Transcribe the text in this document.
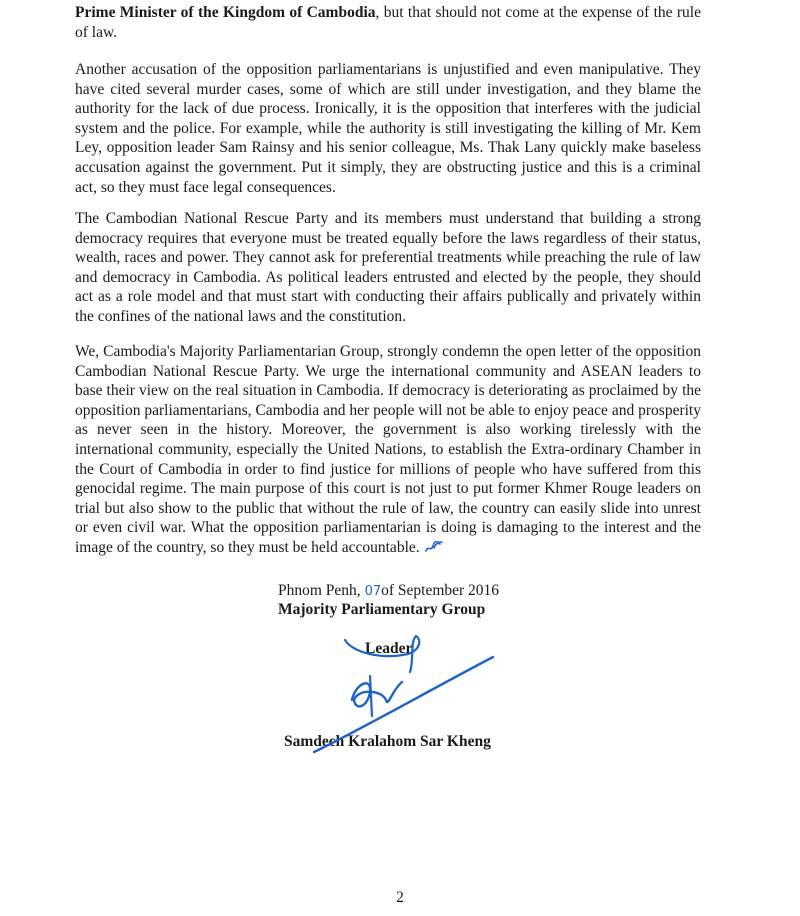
Prime Minister of the Kingdom of Cambodia, but that should not come at the expense of the rule of law.

Another accusation of the opposition parliamentarians is unjustified and even manipulative. They have cited several murder cases, some of which are still under investigation, and they blame the authority for the lack of due process. Ironically, it is the opposition that interferes with the judicial system and the police. For example, while the authority is still investigating the killing of Mr. Kem Ley, opposition leader Sam Rainsy and his senior colleague, Ms. Thak Lany quickly make baseless accusation against the government. Put it simply, they are obstructing justice and this is a criminal act, so they must face legal consequences.

The Cambodian National Rescue Party and its members must understand that building a strong democracy requires that everyone must be treated equally before the laws regardless of their status, wealth, races and power. They cannot ask for preferential treatments while preaching the rule of law and democracy in Cambodia. As political leaders entrusted and elected by the people, they should act as a role model and that must start with conducting their affairs publically and privately within the confines of the national laws and the constitution.

We, Cambodia's Majority Parliamentarian Group, strongly condemn the open letter of the opposition Cambodian National Rescue Party. We urge the international community and ASEAN leaders to base their view on the real situation in Cambodia. If democracy is deteriorating as proclaimed by the opposition parliamentarians, Cambodia and her people will not be able to enjoy peace and prosperity as never seen in the history. Moreover, the government is also working tirelessly with the international community, especially the United Nations, to establish the Extra-ordinary Chamber in the Court of Cambodia in order to find justice for millions of people who have suffered from this genocidal regime. The main purpose of this court is not just to put former Khmer Rouge leaders on trial but also show to the public that without the rule of law, the country can easily slide into unrest or even civil war. What the opposition parliamentarian is doing is damaging to the interest and the image of the country, so they must be held accountable.

Phnom Penh, 07of September 2016
Majority Parliamentary Group
Leader
Samdech Kralahom Sar Kheng
2
